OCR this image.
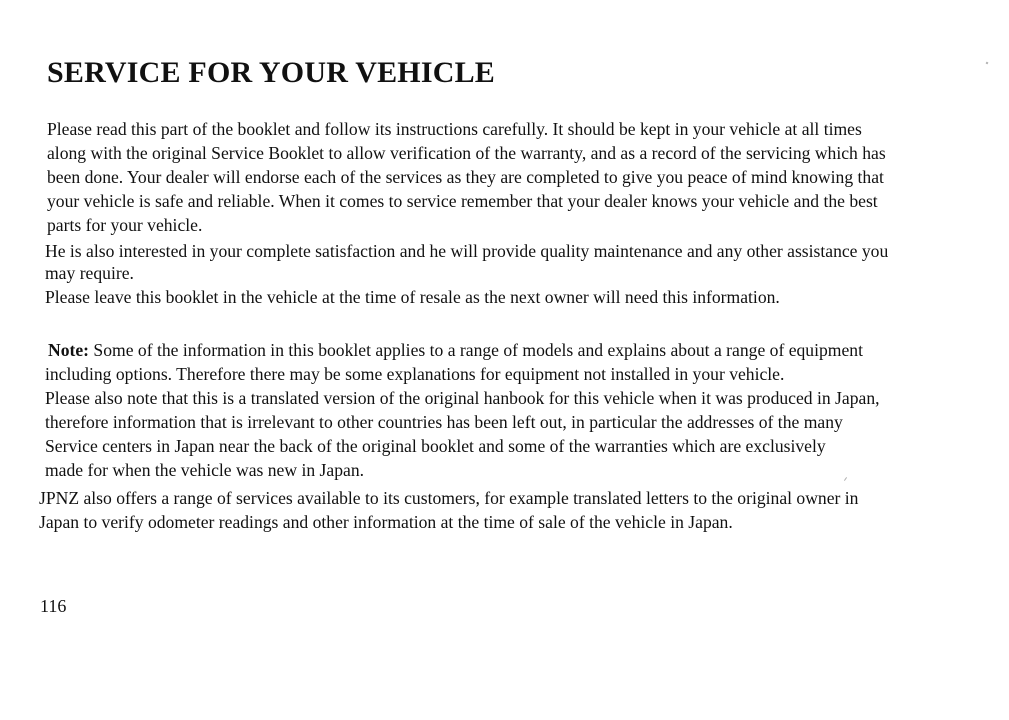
SERVICE FOR YOUR VEHICLE
Please read this part of the booklet and follow its instructions carefully. It should be kept in your vehicle at all times
along with the original Service Booklet to allow verification of the warranty, and as a record of the servicing which has
been done. Your dealer will endorse each of the services as they are completed to give you peace of mind knowing that
your vehicle is safe and reliable. When it comes to service remember that your dealer knows your vehicle and the best
parts for your vehicle.
He is also interested in your complete satisfaction and he will provide quality maintenance and any other assistance you
may require.
Please leave this booklet in the vehicle at the time of resale as the next owner will need this information.
Note: Some of the information in this booklet applies to a range of models and explains about a range of equipment
including options. Therefore there may be some explanations for equipment not installed in your vehicle.
Please also note that this is a translated version of the original hanbook for this vehicle when it was produced in Japan,
therefore information that is irrelevant to other countries has been left out, in particular the addresses of the many
Service centers in Japan near the back of the original booklet and some of the warranties which are exclusively
made for when the vehicle was new in Japan.
JPNZ also offers a range of services available to its customers, for example translated letters to the original owner in
Japan to verify odometer readings and other information at the time of sale of the vehicle in Japan.
116
